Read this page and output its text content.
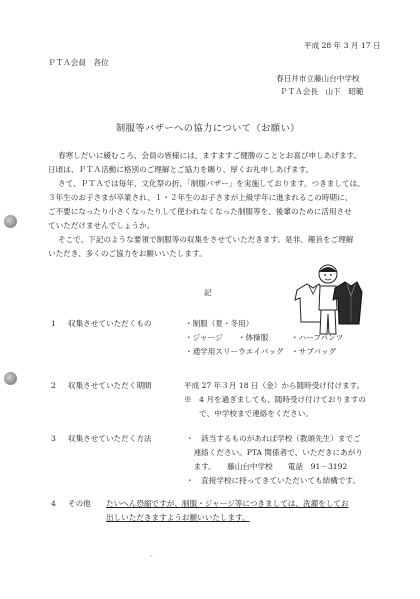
平成 28 年 3 月 17 日
ＰＴＡ会員　各位
春日井市立藤山台中学校
ＰＴＡ会長　山下　昭範
制服等バザーへの協力について（お願い）
春寒しだいに緩むころ、会員の皆様には、ますますご健勝のこととお喜び申しあげます。
日頃は、ＰＴＡ活動に格別のご理解とご協力を賜り、厚くお礼申しあげます。
さて、ＰＴＡでは毎年、文化祭の折、「制服バザー」を実施しております。つきましては、
３年生のお子さまが卒業され、１・２年生のお子さまが上級学年に進まれるこの時期に、
ご不要になったり小さくなったりして使われなくなった制服等を、後輩のために活用させ
ていただけませんでしょうか。
そこで、下記のような要領で制服等の収集をさせていただきます。是非、趣旨をご理解
いただき、多くのご協力をお願いいたします。
記
1 収集させていただくもの	・制服（夏・冬用）
・ジャージ　　・体操服　　　・ハーフパンツ
・通学用スリーウエイバッグ　・サブバッグ
2 収集させていただく期間	平成 27 年３月 18 日（金）から随時受け付けます。
※　4 月を過ぎましても、随時受け付けておりますの
　　で、中学校まで連絡をください。
3 収集させていただく方法	・　該当するものがあれば学校（教頭先生）までご
　連絡ください。PTA 関係者で、いただきにあがり
　ます。　　藤山台中学校　　電話　91－3192
・　直接学校に持ってきていただいても結構です。
4 その他 たいへん恐縮ですが、制服・ジャージ等につきましては、洗濯をしてお
出しいただきますようお願いいたします。
-
